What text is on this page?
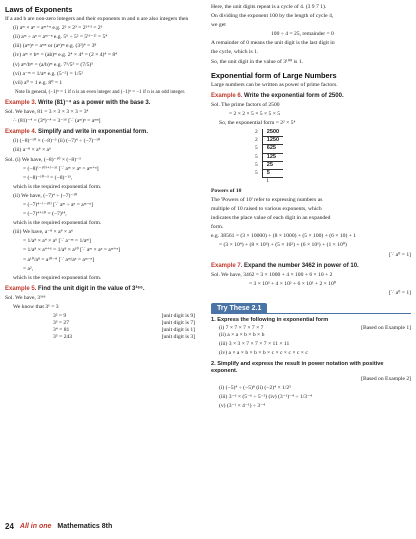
Laws of Exponents
If a and b are non-zero integers and their exponents m and n are also integers then
(i) aᵐ × aⁿ = aᵐ⁺ⁿ e.g. 2² × 2³ = 2²⁺³ = 2⁵
(ii) aᵐ ÷ aⁿ = aᵐ⁻ⁿ e.g. 5⁶ ÷ 5² = 5⁽⁶⁻²⁾ = 5⁴
(iii) (aᵐ)ⁿ = aᵐⁿ or (aⁿ)ᵐ e.g. (3²)⁴ = 3⁸
(iv) aᵐ × bᵐ = (ab)ᵐ e.g. 2⁴ × 4⁴ = (2 × 4)⁴ = 8⁴
(v) aᵐ/bᵐ = (a/b)ᵐ e.g. 7⁵/5⁵ = (7/5)⁵
(vi) a⁻ᵐ = 1/aᵐ e.g. (5⁻²) = 1/5²
(vii) a⁰ = 1 e.g. 8⁰ = 1
Note In general, (−1)ⁿ = 1 if n is an even integer and (−1)ⁿ = −1 if n is an odd integer.
Example 3. Write (81)⁻⁴ as a power with the base 3.
Sol. We have, 81 = 3 × 3 × 3 × 3 = 3⁴
∴ (81)⁻⁴ = (3⁴)⁻⁴ = 3⁻¹⁶ [∵ (aᵐ)ⁿ = aᵐⁿ]
Example 4. Simplify and write in exponential form.
(i) (−8)⁻¹⁰ × (−8)⁻³ (ii) (−7)⁴ ÷ (−7)⁻¹⁰
(iii) a⁻⁸ × a⁴ × a⁶
Sol. (i) We have, (−8)⁻¹⁰ × (−8)⁻³
= (−8)⁽⁻¹⁰⁾⁺⁽⁻³⁾ [∵ aᵐ × aⁿ = aᵐ⁺ⁿ]
= (−8)⁻¹⁰⁻³ = (−8)⁻¹³,
which is the required exponential form.
(ii) We have, (−7)⁴ ÷ (−7)⁻¹⁰
= (−7)⁴⁻⁽⁻¹⁰⁾ [∵ aᵐ ÷ aⁿ = aᵐ⁻ⁿ]
= (−7)⁴⁺¹⁰ = (−7)¹⁴,
which is the required exponential form.
(iii) We have, a⁻⁸ × a⁴ × a⁶
= 1/a⁸ × a⁴ × a⁶ [∵ a⁻ᵐ = 1/aᵐ]
= 1/a⁸ × a⁴⁺⁶ = 1/a⁸ × a¹⁰ [∵ aᵐ × aⁿ = aᵐ⁺ⁿ]
= a¹⁰/a⁸ = a¹⁰⁻⁸ [∵ aᵐ/aⁿ = aᵐ⁻ⁿ]
= a²,
which is the required exponential form.
Example 5. Find the unit digit in the value of 3³⁶⁶.
Sol. We have, 3³⁶⁶
We know that 3¹ = 3
3² = 9	[unit digit is 9]
3³ = 27	[unit digit is 7]
3⁴ = 81	[unit digit is 1]
3⁵ = 243	[unit digit is 3]
Here, the unit digits repeat is a cycle of 4. (3 9 7 1).
On dividing the exponent 100 by the length of cycle 4,
we get
100 ÷ 4 = 25, remainder = 0
A remainder of 0 means the unit digit is the last digit in
the cycle, which is 1.
So, the unit digit in the value of 3¹⁰⁰ is 1.
Exponential form of Large Numbers
Large numbers can be written as power of prime factors.
Example 6. Write the exponential form of 2500.
Sol. The prime factors of 2500
= 2 × 2 × 5 × 5 × 5 × 5
So, the exponential form = 2² × 5⁴
2	2500
2	1250
5	625
5	125
5	25
5	5
	1
Powers of 10
The 'Powers of 10' refer to expressing numbers as
multiple of 10 raised to various exponents, which
indicates the place value of each digit in an expanded
form.
e.g. 38561 = (3 × 10000) + (8 × 1000) + (5 × 100) + (6 × 10) + 1
= (3 × 10⁴) + (8 × 10³) + (5 × 10²) + (6 × 10¹) + (1 × 10⁰)
[∵ a⁰ = 1]
Example 7. Expand the number 3462 in power of 10.
Sol. We have, 3462 = 3 × 1000 + 4 × 100 + 6 × 10 + 2
= 3 × 10³ + 4 × 10² + 6 × 10¹ + 2 × 10⁰
[∵ a⁰ = 1]
Try These 2.1
1. Express the following in exponential form
(i) 7 × 7 × 7 × 7 × 7	[Based on Example 1]
(ii) a × a × b × b × b
(iii) 3 × 3 × 7 × 7 × 7 × 11 × 11
(iv) a × a × b × b × b × c × c × c × c × c
2. Simplify and express the result in power notation with positive exponent.
[Based on Example 2]
(i) (−5)⁴ ÷ (−5)⁸ (ii) (−2)⁴ × 1/2⁵
(iii) 3⁻⁶ × (5⁻⁶ ÷ 5⁻²) (iv) (3⁻¹)⁻⁴ ÷ 1/3⁻⁴
(v) (3⁻¹ × 4⁻¹) ÷ 3⁻⁴
24 All in one Mathematics 8th
